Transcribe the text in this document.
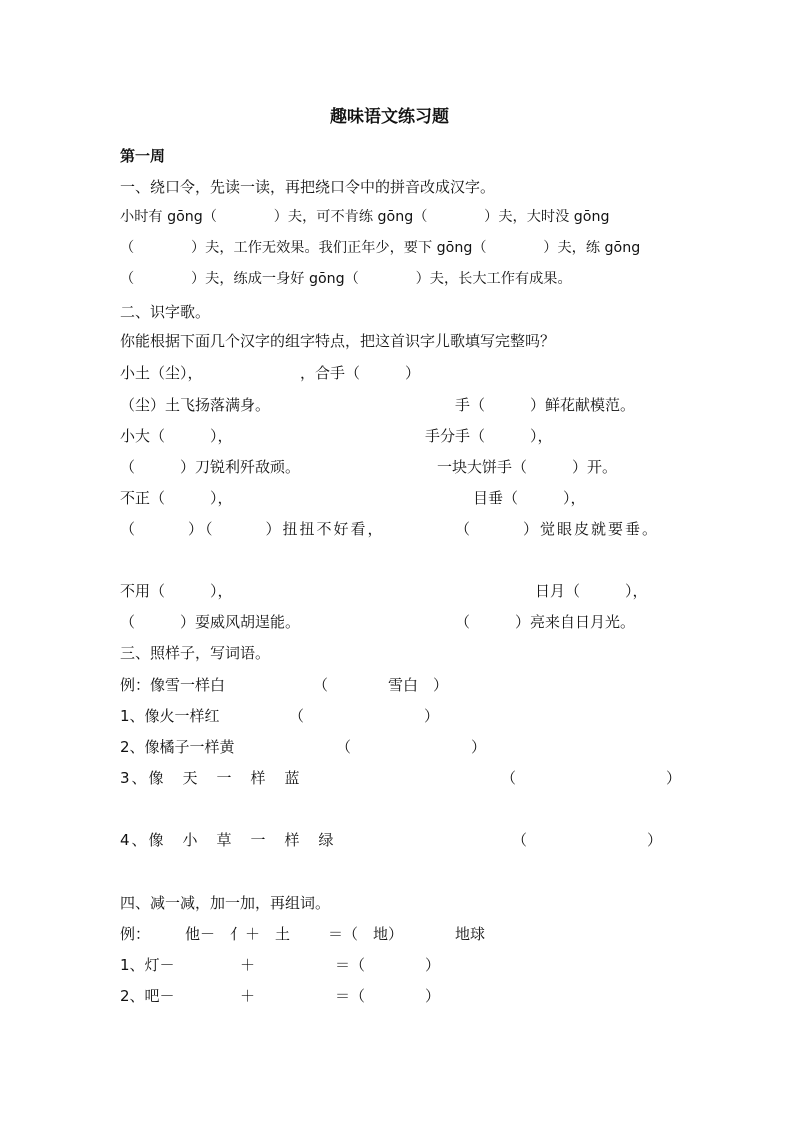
趣味语文练习题
第一周
一、绕口令，先读一读，再把绕口令中的拼音改成汉字。
小时有 gōng（　　　　）夫，可不肯练 gōng（　　　　）夫，大时没 gōng
（　　　　）夫，工作无效果。我们正年少，要下 gōng（　　　　）夫，练 gōng
（　　　　）夫，练成一身好 gōng（　　　　）夫，长大工作有成果。
二、识字歌。
你能根据下面几个汉字的组字特点，把这首识字儿歌填写完整吗？
小土（尘），　　　　　　　，合手（　　　）
（尘）土飞扬落满身。	手（　　　）鲜花献模范。
小大（　　　），	手分手（　　　），
（　　　）刀锐利歼敌顽。	一块大饼手（　　　）开。
不正（　　　），	目垂（　　　），
（　　　）（　　　）扭扭不好看，	（　　　）觉眼皮就要垂。
不用（　　　），	日月（　　　），
（　　　）耍威风胡逞能。	（　　　）亮来自日月光。
三、照样子，写词语。
例：像雪一样白	（　　　　雪白　）
1、像火一样红	（　　　　　　　　）
2、像橘子一样黄	（　　　　　　　　）
3、像　天　一　样　蓝	（　　　　　　　　　　）
4、像　小　草　一　样　绿	（　　　　　　　　）
四、减一减，加一加，再组词。
例： 他－　亻＋　土	＝（　地）	地球
1、灯－	＋	＝（　　　　）
2、吧－	＋	＝（　　　　）
